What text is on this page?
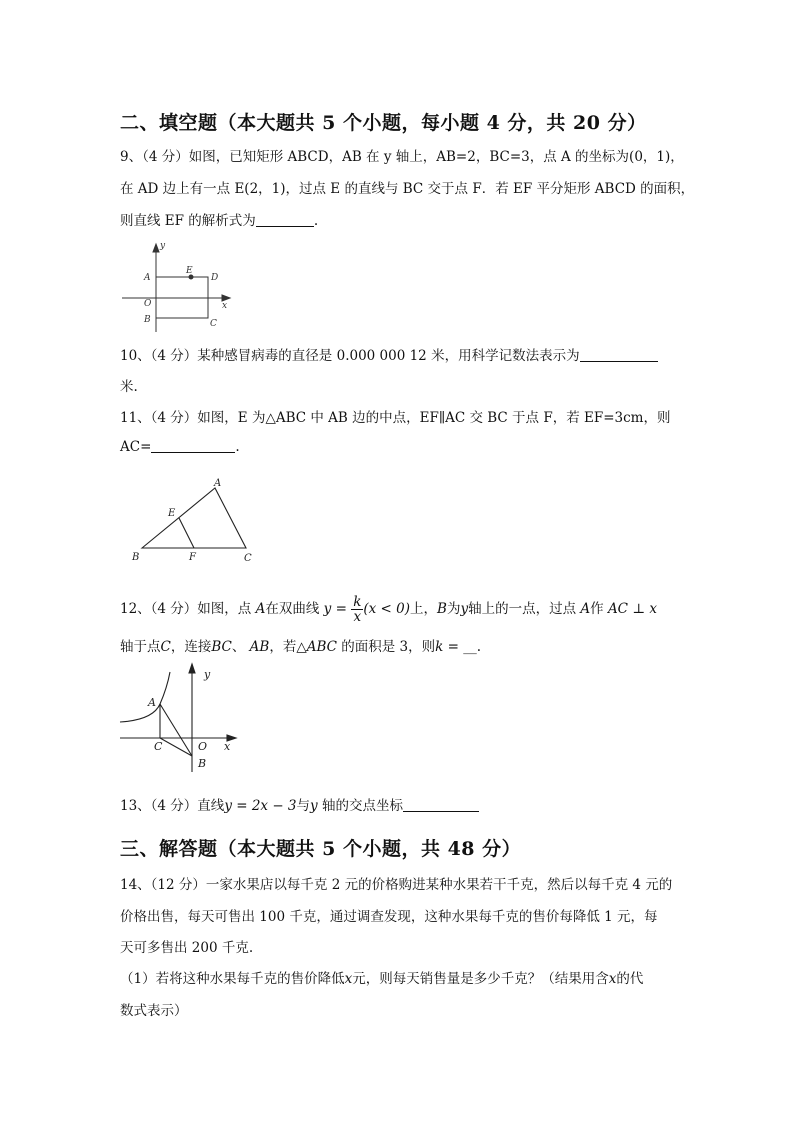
二、填空题（本大题共 5 个小题，每小题 4 分，共 20 分）
9、（4 分）如图，已知矩形 ABCD，AB 在 y 轴上，AB=2，BC=3，点 A 的坐标为(0，1)，
在 AD 边上有一点 E(2，1)，过点 E 的直线与 BC 交于点 F．若 EF 平分矩形 ABCD 的面积，
则直线 EF 的解析式为	.
y
x
A
E
D
O
B	C
10、（4 分）某种感冒病毒的直径是 0.000 000 12 米，用科学记数法表示为
米.
11、（4 分）如图，E 为△ABC 中 AB 边的中点，EF∥AC 交 BC 于点 F，若 EF=3cm，则
AC=	.
A
E
B	F	C
12、（4 分）如图，点 A在双曲线 $y = \frac{k}{x} (x < 0)$上，B为y轴上的一点，过点 A作 AC ⊥ x
轴于点C，连接BC、 AB，若△ABC 的面积是 3，则k = __.
y
A
C	O x
B
13、（4 分）直线y = 2x − 3与y 轴的交点坐标
三、解答题（本大题共 5 个小题，共 48 分）
14、（12 分）一家水果店以每千克 2 元的价格购进某种水果若干千克，然后以每千克 4 元的
价格出售，每天可售出 100 千克，通过调查发现，这种水果每千克的售价每降低 1 元，每
天可多售出 200 千克.
（1）若将这种水果每千克的售价降低x元，则每天销售量是多少千克？（结果用含x的代
数式表示）
